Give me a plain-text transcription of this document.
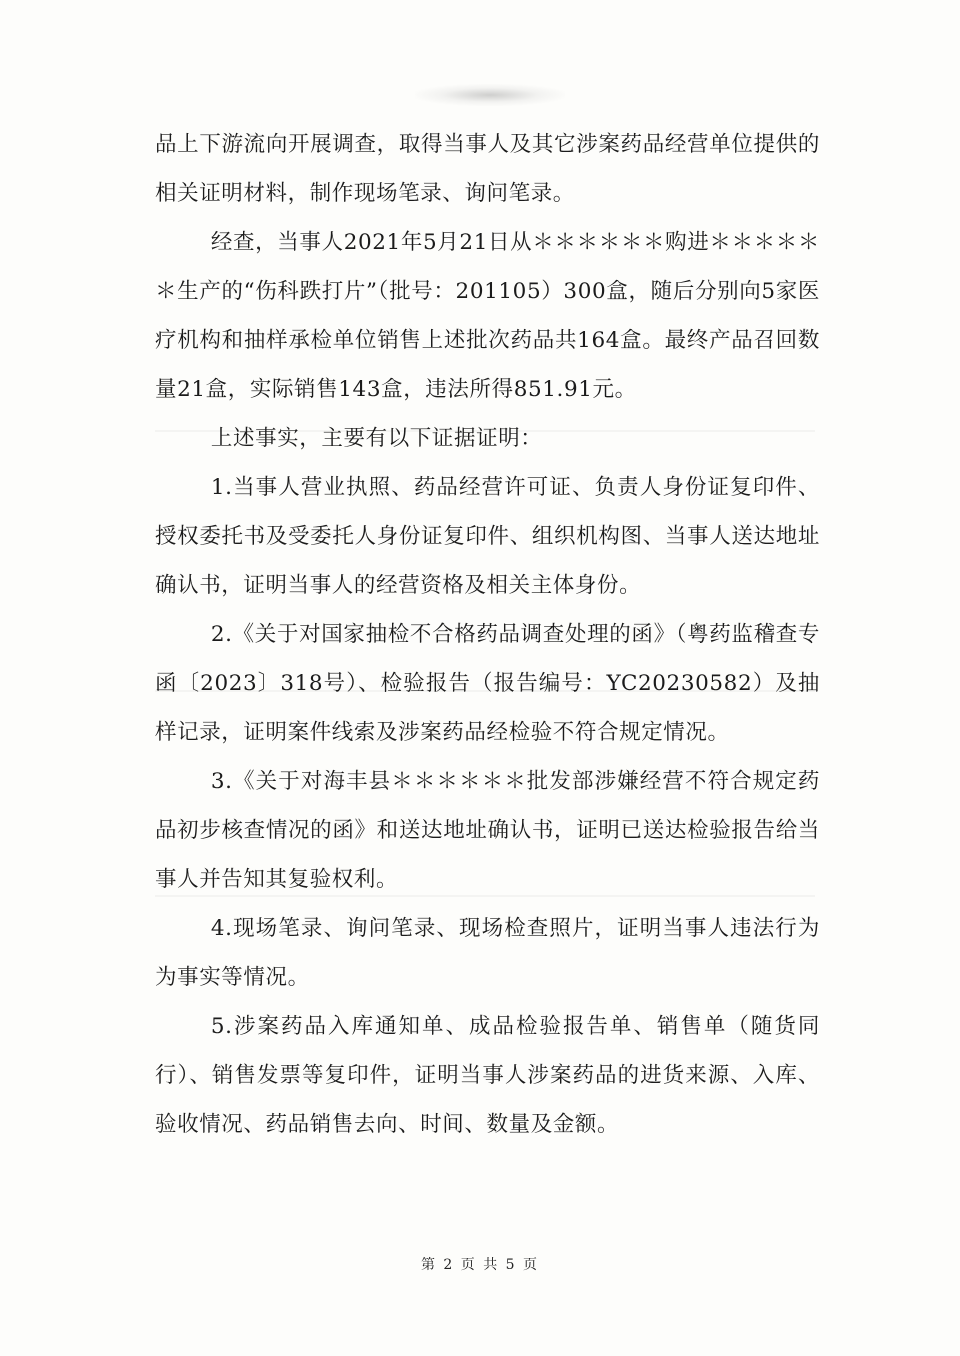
品上下游流向开展调查，取得当事人及其它涉案药品经营单位提供的相关证明材料，制作现场笔录、询问笔录。

经查，当事人2021年5月21日从＊＊＊＊＊＊购进＊＊＊＊＊＊生产的“伤科跌打片”（批号：201105）300盒，随后分别向5家医疗机构和抽样承检单位销售上述批次药品共164盒。最终产品召回数量21盒，实际销售143盒，违法所得851.91元。

上述事实，主要有以下证据证明：

1.当事人营业执照、药品经营许可证、负责人身份证复印件、授权委托书及受委托人身份证复印件、组织机构图、当事人送达地址确认书，证明当事人的经营资格及相关主体身份。

2.《关于对国家抽检不合格药品调查处理的函》（粤药监稽查专函〔2023〕318号）、检验报告（报告编号：YC20230582）及抽样记录，证明案件线索及涉案药品经检验不符合规定情况。

3.《关于对海丰县＊＊＊＊＊＊批发部涉嫌经营不符合规定药品初步核查情况的函》和送达地址确认书，证明已送达检验报告给当事人并告知其复验权利。

4.现场笔录、询问笔录、现场检查照片，证明当事人违法行为为事实等情况。

5.涉案药品入库通知单、成品检验报告单、销售单（随货同行）、销售发票等复印件，证明当事人涉案药品的进货来源、入库、验收情况、药品销售去向、时间、数量及金额。

第 2 页 共 5 页
